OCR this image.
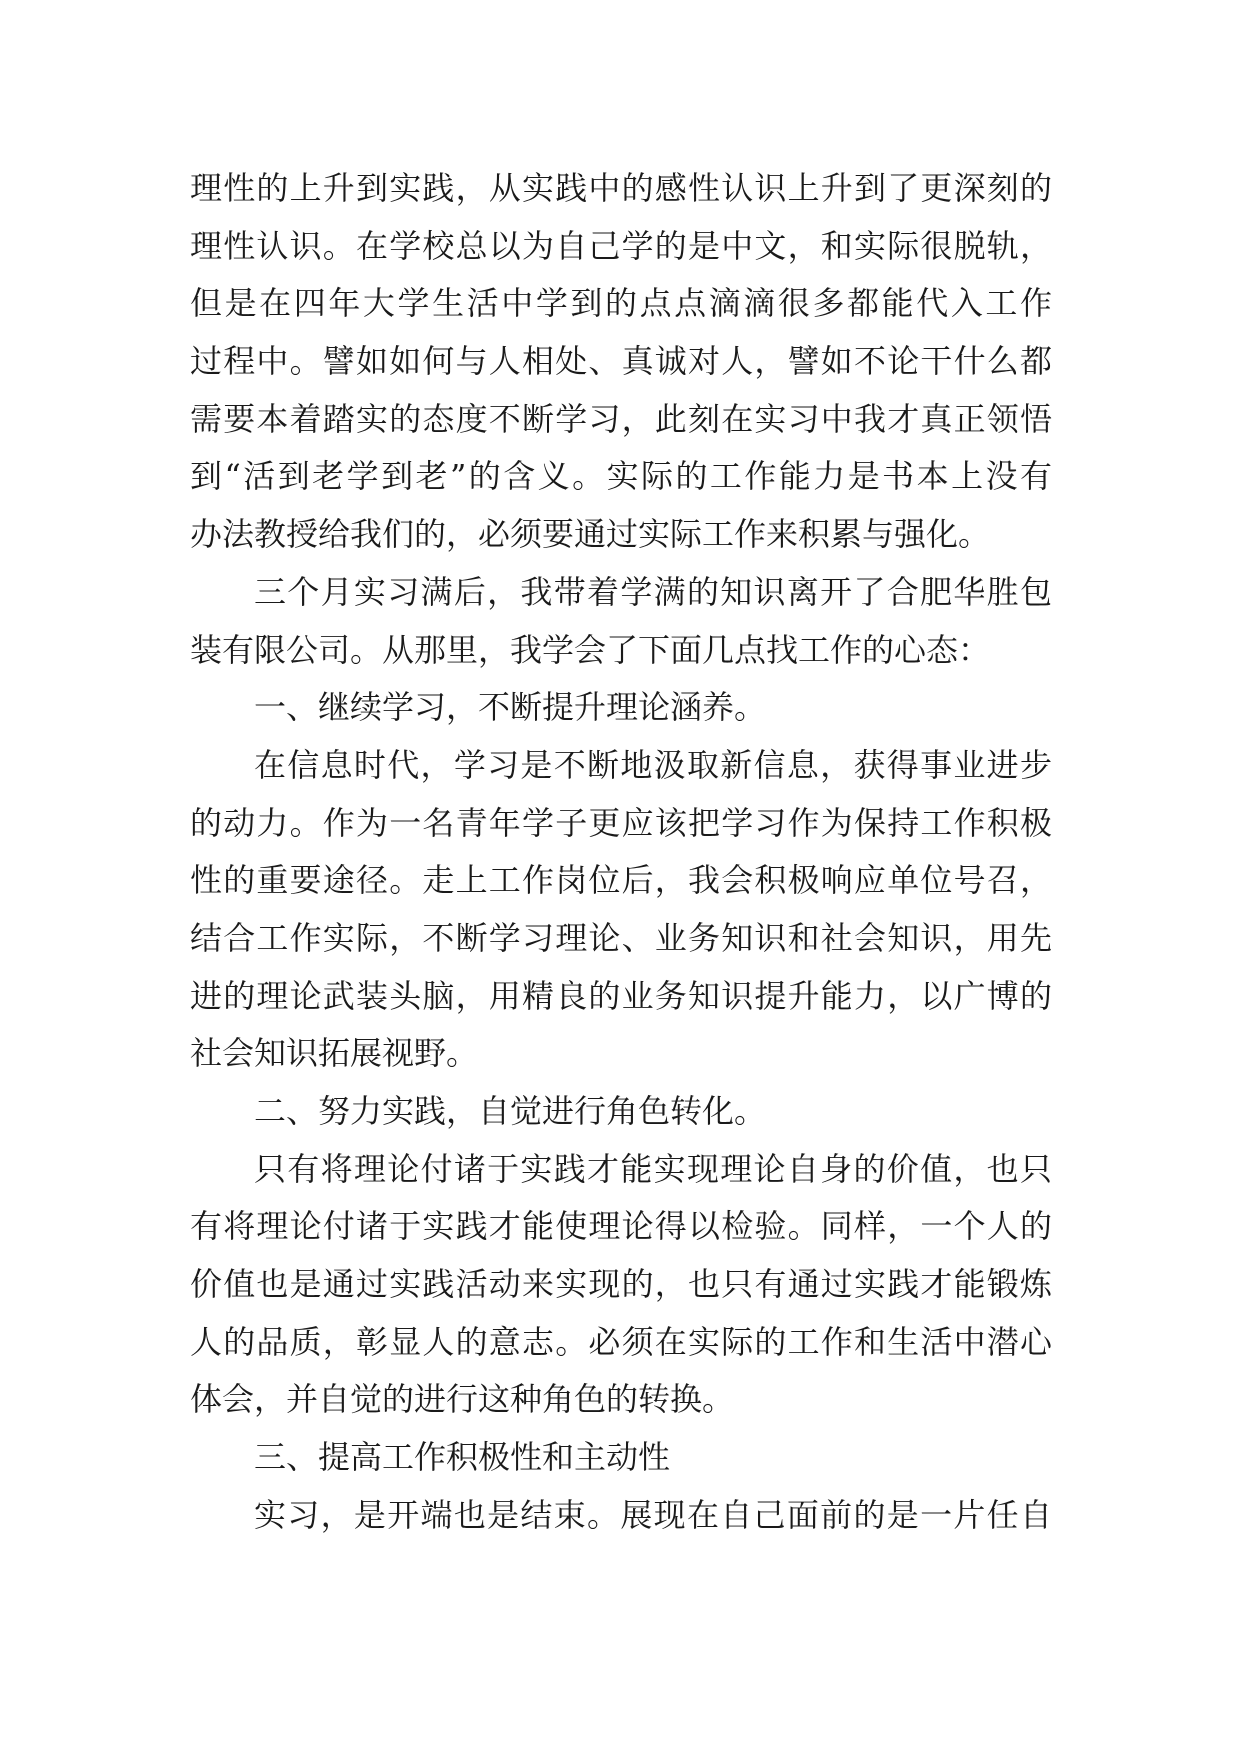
理性的上升到实践，从实践中的感性认识上升到了更深刻的
理性认识。在学校总以为自己学的是中文，和实际很脱轨，
但是在四年大学生活中学到的点点滴滴很多都能代入工作
过程中。譬如如何与人相处、真诚对人，譬如不论干什么都
需要本着踏实的态度不断学习，此刻在实习中我才真正领悟
到“活到老学到老”的含义。实际的工作能力是书本上没有
办法教授给我们的，必须要通过实际工作来积累与强化。
三个月实习满后，我带着学满的知识离开了合肥华胜包
装有限公司。从那里，我学会了下面几点找工作的心态：
一、继续学习，不断提升理论涵养。
在信息时代，学习是不断地汲取新信息，获得事业进步
的动力。作为一名青年学子更应该把学习作为保持工作积极
性的重要途径。走上工作岗位后，我会积极响应单位号召，
结合工作实际，不断学习理论、业务知识和社会知识，用先
进的理论武装头脑，用精良的业务知识提升能力，以广博的
社会知识拓展视野。
二、努力实践，自觉进行角色转化。
只有将理论付诸于实践才能实现理论自身的价值，也只
有将理论付诸于实践才能使理论得以检验。同样，一个人的
价值也是通过实践活动来实现的，也只有通过实践才能锻炼
人的品质，彰显人的意志。必须在实际的工作和生活中潜心
体会，并自觉的进行这种角色的转换。
三、提高工作积极性和主动性
实习，是开端也是结束。展现在自己面前的是一片任自
